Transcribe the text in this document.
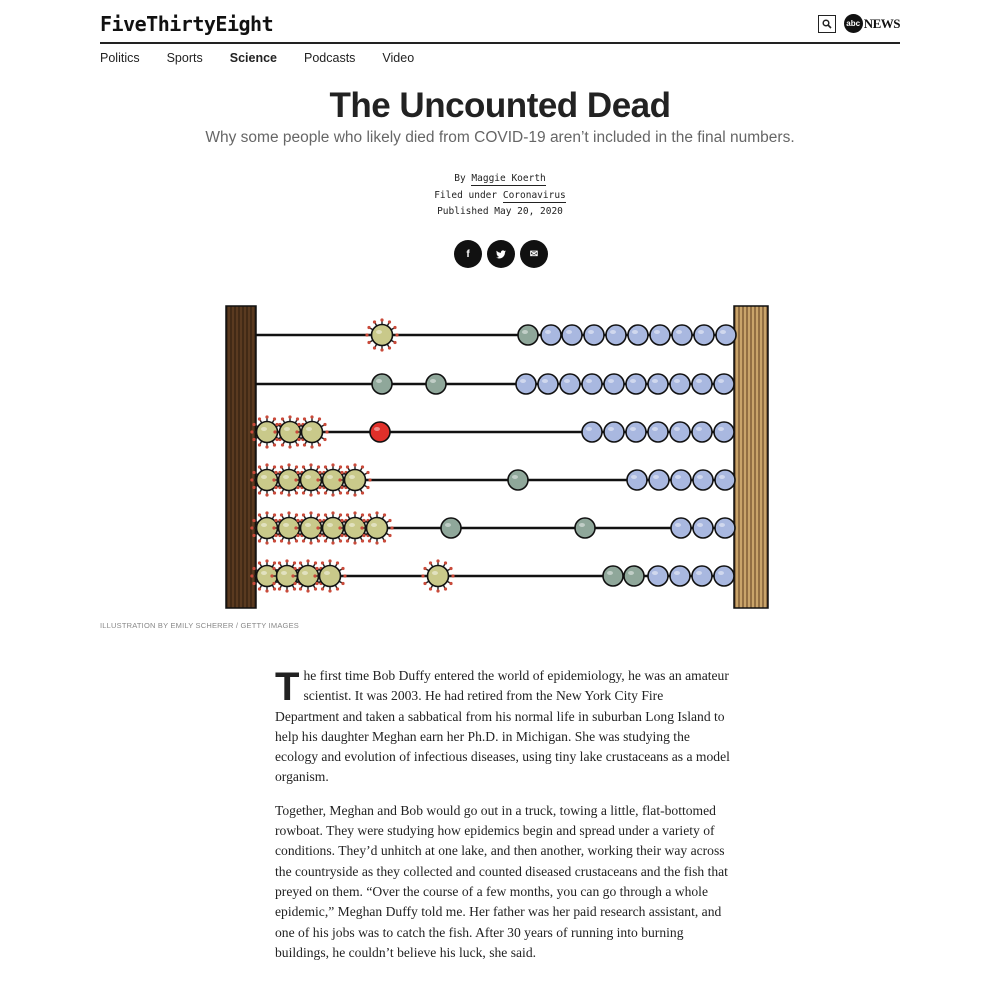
FiveThirtyEight	abc NEWS
Politics Sports Science Podcasts Video
The Uncounted Dead
Why some people who likely died from COVID-19 aren’t included in the final numbers.
By Maggie Koerth
Filed under Coronavirus
Published May 20, 2020
f	✉
ILLUSTRATION BY EMILY SCHERER / GETTY IMAGES

The first time Bob Duffy entered the world of epidemiology, he was an amateur scientist. It was 2003. He had retired from the New York City Fire Department and taken a sabbatical from his normal life in suburban Long Island to help his daughter Meghan earn her Ph.D. in Michigan. She was studying the ecology and evolution of infectious diseases, using tiny lake crustaceans as a model organism.

Together, Meghan and Bob would go out in a truck, towing a little, flat-bottomed rowboat. They were studying how epidemics begin and spread under a variety of conditions. They’d unhitch at one lake, and then another, working their way across the countryside as they collected and counted diseased crustaceans and the fish that preyed on them. “Over the course of a few months, you can go through a whole epidemic,” Meghan Duffy told me. Her father was her paid research assistant, and one of his jobs was to catch the fish. After 30 years of running into burning buildings, he couldn’t believe his luck, she said.
